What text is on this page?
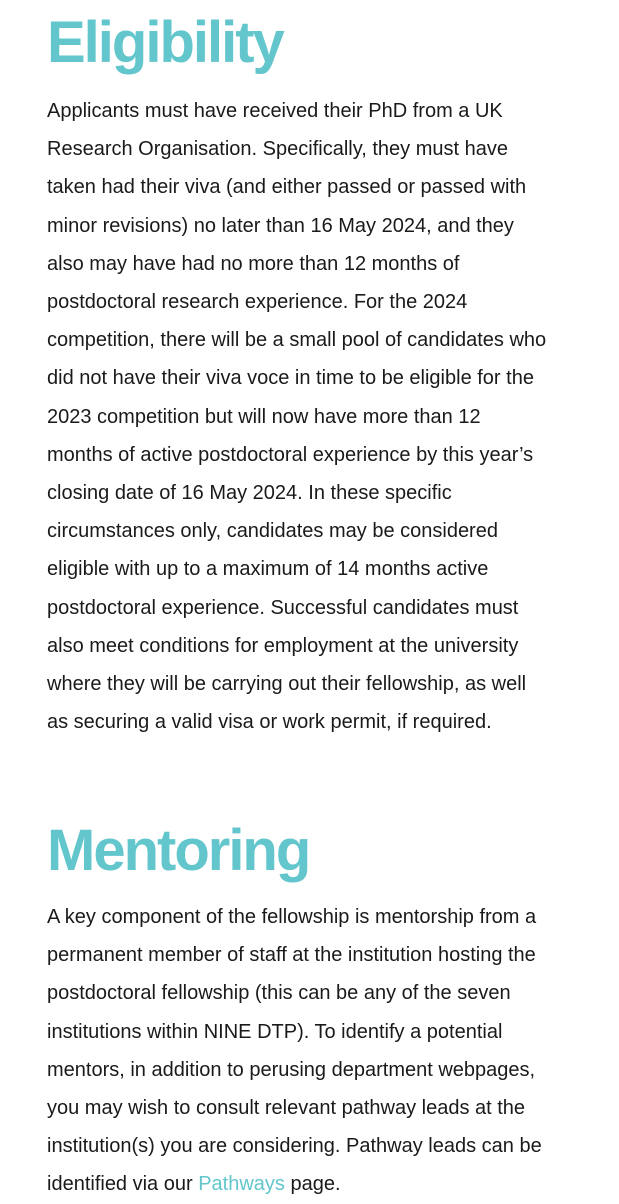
Eligibility

Applicants must have received their PhD from a UK
Research Organisation. Specifically, they must have
taken had their viva (and either passed or passed with
minor revisions) no later than 16 May 2024, and they
also may have had no more than 12 months of
postdoctoral research experience. For the 2024
competition, there will be a small pool of candidates who
did not have their viva voce in time to be eligible for the
2023 competition but will now have more than 12
months of active postdoctoral experience by this year’s
closing date of 16 May 2024. In these specific
circumstances only, candidates may be considered
eligible with up to a maximum of 14 months active
postdoctoral experience. Successful candidates must
also meet conditions for employment at the university
where they will be carrying out their fellowship, as well
as securing a valid visa or work permit, if required.

Mentoring

A key component of the fellowship is mentorship from a
permanent member of staff at the institution hosting the
postdoctoral fellowship (this can be any of the seven
institutions within NINE DTP). To identify a potential
mentors, in addition to perusing department webpages,
you may wish to consult relevant pathway leads at the
institution(s) you are considering. Pathway leads can be
identified via our Pathways page.
